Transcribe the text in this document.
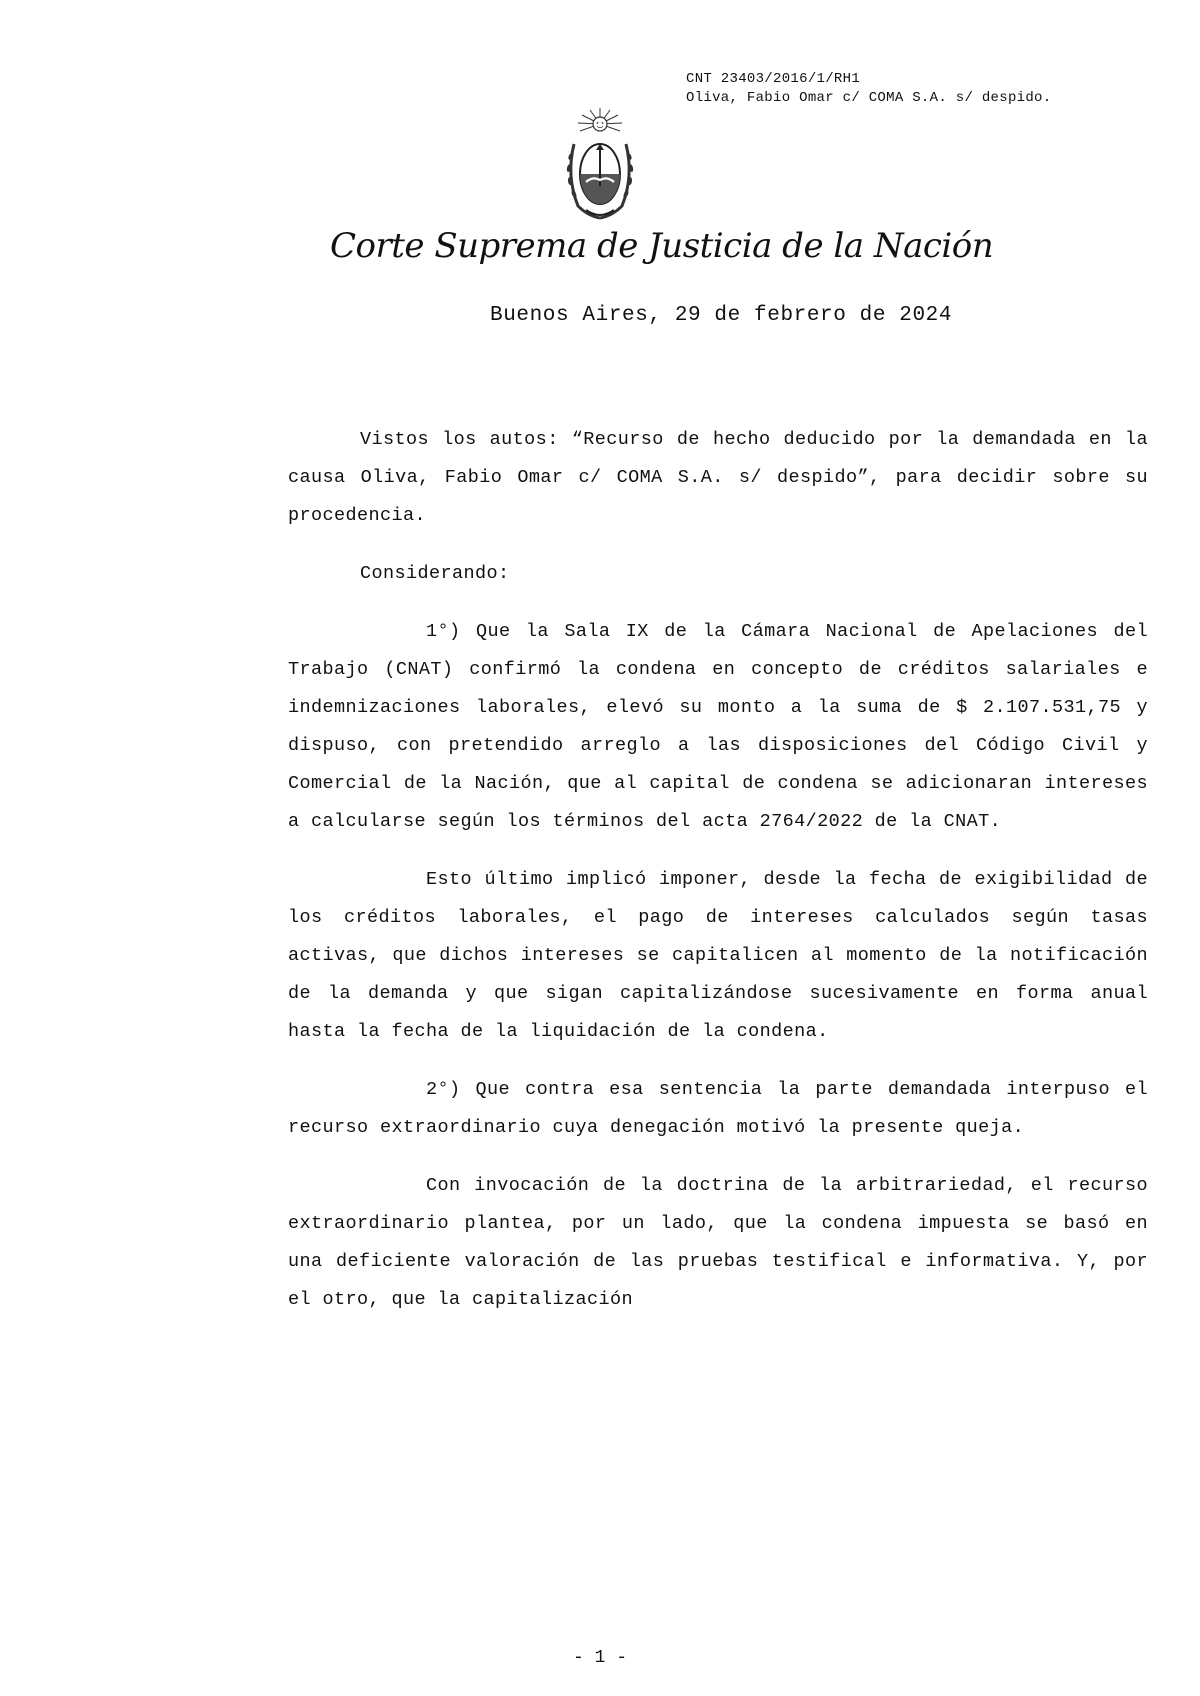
CNT 23403/2016/1/RH1
Oliva, Fabio Omar c/ COMA S.A. s/ despido.
Corte Suprema de Justicia de la Nación
Buenos Aires, 29 de febrero de 2024

Vistos los autos: “Recurso de hecho deducido por la demandada en la causa Oliva, Fabio Omar c/ COMA S.A. s/ despido”, para decidir sobre su procedencia.

Considerando:

1°) Que la Sala IX de la Cámara Nacional de Apelaciones del Trabajo (CNAT) confirmó la condena en concepto de créditos salariales e indemnizaciones laborales, elevó su monto a la suma de $ 2.107.531,75 y dispuso, con pretendido arreglo a las disposiciones del Código Civil y Comercial de la Nación, que al capital de condena se adicionaran intereses a calcularse según los términos del acta 2764/2022 de la CNAT.

Esto último implicó imponer, desde la fecha de exigibilidad de los créditos laborales, el pago de intereses calculados según tasas activas, que dichos intereses se capitalicen al momento de la notificación de la demanda y que sigan capitalizándose sucesivamente en forma anual hasta la fecha de la liquidación de la condena.

2°) Que contra esa sentencia la parte demandada interpuso el recurso extraordinario cuya denegación motivó la presente queja.

Con invocación de la doctrina de la arbitrariedad, el recurso extraordinario plantea, por un lado, que la condena impuesta se basó en una deficiente valoración de las pruebas testifical e informativa. Y, por el otro, que la capitalización

- 1 -
